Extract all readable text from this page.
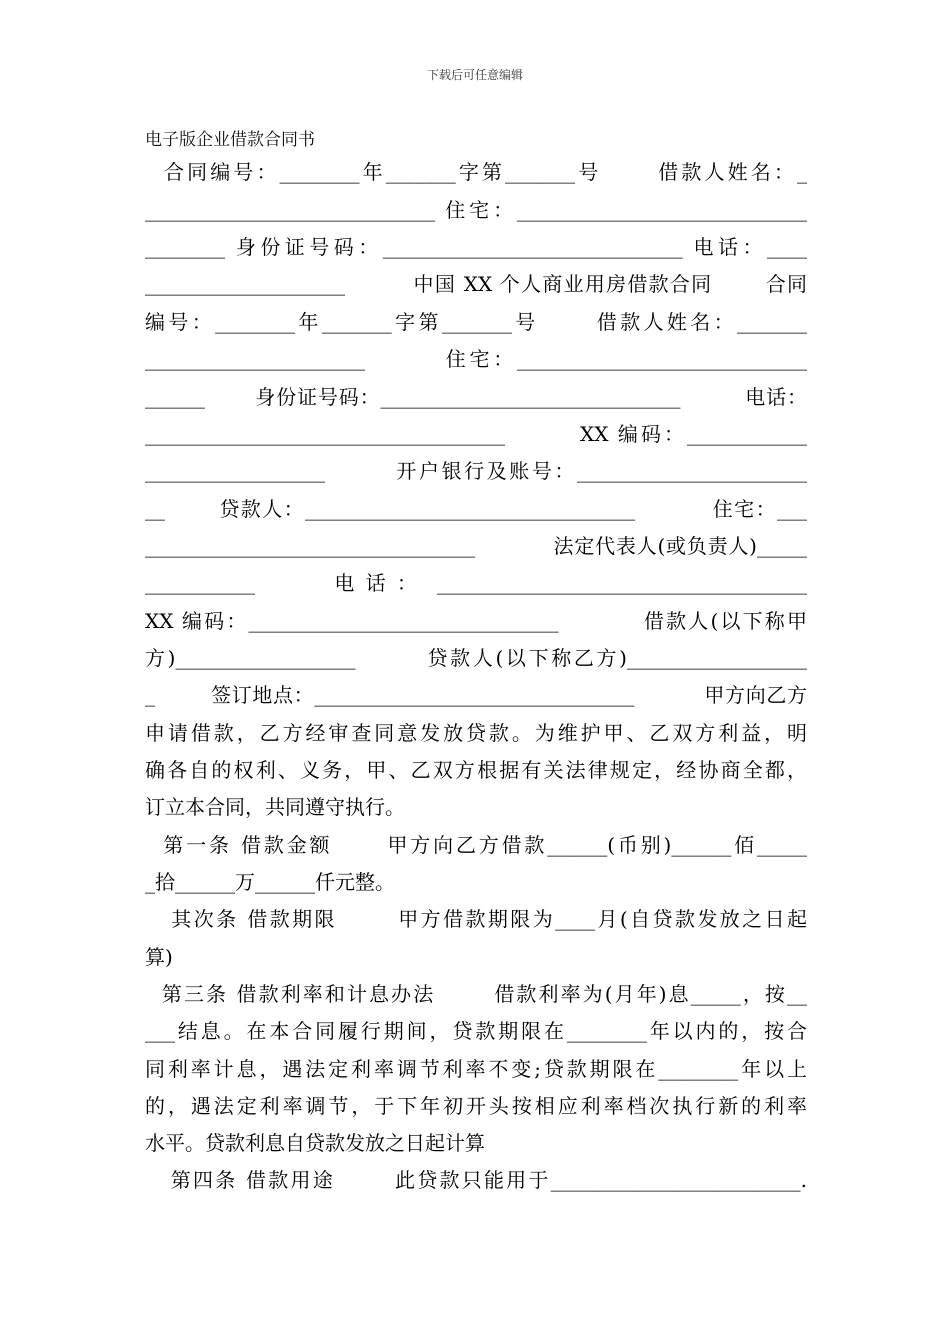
下载后可任意编辑
电子版企业借款合同书
合同编号：________年_______字第_______号      借款人姓名：_
_____________________________ 住宅：_____________________________
________ 身份证号码：______________________________ 电话：____
____________________         中国 XX 个人商业用房借款合同       合同
编号：________年_______字第_______号      借款人姓名：_______
______________________        住宅：_____________________________
______       身份证号码：______________________________         电话：
____________________________________        XX 编码：____________
__________________        开户银行及账号：_______________________
__       贷款人：_________________________________          住宅：___
_________________________________           法定代表人(或负责人)_____
___________         电 话 ：  _____________________________________
XX 编码：_______________________________          借款人(以下称甲
方)__________________        贷款人(以下称乙方)__________________
_        签订地点：________________________________          甲方向乙方
申请借款，乙方经审查同意发放贷款。为维护甲、乙双方利益，明
确各自的权利、义务，甲、乙双方根据有关法律规定，经协商全都，
订立本合同，共同遵守执行。
第一条 借款金额      甲方向乙方借款______(币别)______佰_____
_拾______万______仟元整。
其次条 借款期限       甲方借款期限为____月(自贷款发放之日起
算)
第三条 借款利率和计息办法       借款利率为(月年)息_____，按__
___结息。在本合同履行期间，贷款期限在________年以内的，按合
同利率计息，遇法定利率调节利率不变;贷款期限在________年以上
的，遇法定利率调节，于下年初开头按相应利率档次执行新的利率
水平。贷款利息自贷款发放之日起计算
第四条 借款用途       此贷款只能用于_________________________.
